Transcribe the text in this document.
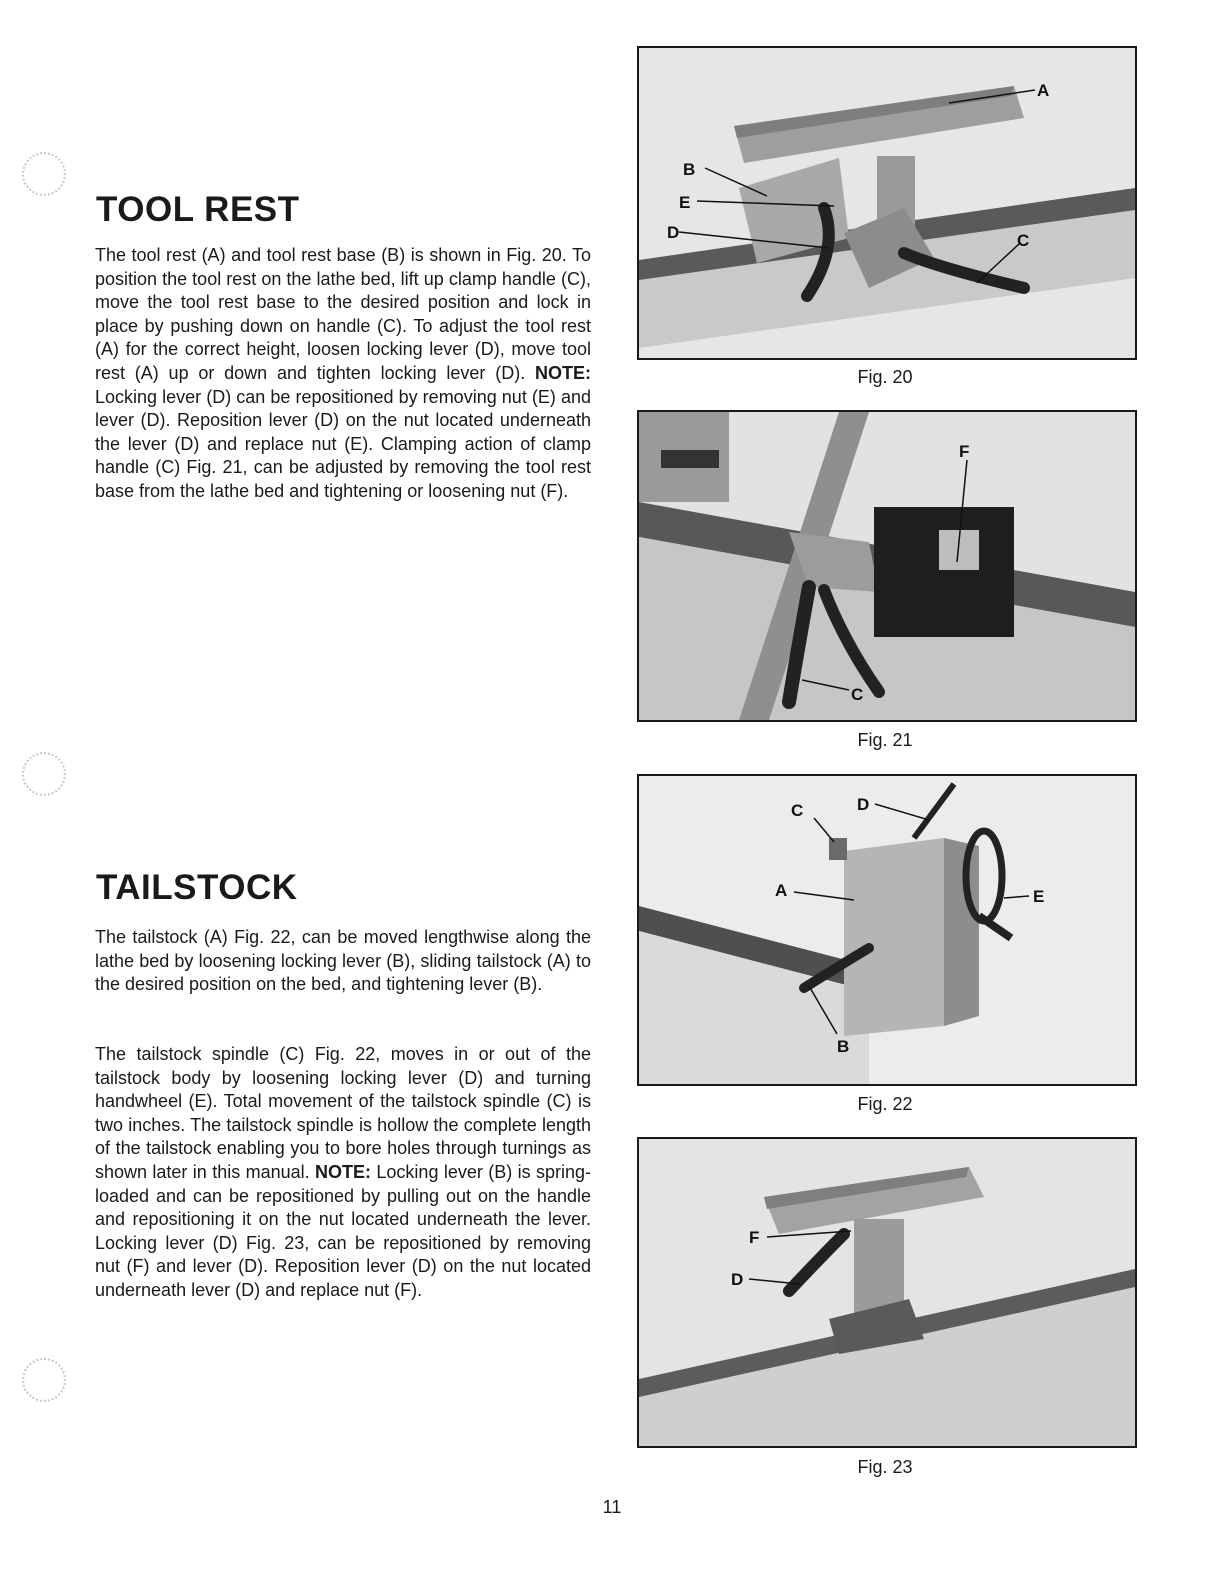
TOOL REST

The tool rest (A) and tool rest base (B) is shown in Fig. 20. To position the tool rest on the lathe bed, lift up clamp handle (C), move the tool rest base to the desired position and lock in place by pushing down on handle (C). To adjust the tool rest (A) for the correct height, loosen locking lever (D), move tool rest (A) up or down and tighten locking lever (D). NOTE: Locking lever (D) can be repositioned by removing nut (E) and lever (D). Reposition lever (D) on the nut located underneath the lever (D) and replace nut (E). Clamping action of clamp handle (C) Fig. 21, can be adjusted by removing the tool rest base from the lathe bed and tightening or loosening nut (F).

TAILSTOCK

The tailstock (A) Fig. 22, can be moved lengthwise along the lathe bed by loosening locking lever (B), sliding tailstock (A) to the desired position on the bed, and tightening lever (B).

The tailstock spindle (C) Fig. 22, moves in or out of the tailstock body by loosening locking lever (D) and turning handwheel (E). Total movement of the tailstock spindle (C) is two inches. The tailstock spindle is hollow the complete length of the tailstock enabling you to bore holes through turnings as shown later in this manual. NOTE: Locking lever (B) is spring-loaded and can be repositioned by pulling out on the handle and repositioning it on the nut located underneath the lever. Locking lever (D) Fig. 23, can be repositioned by removing nut (F) and lever (D). Reposition lever (D) on the nut located underneath lever (D) and replace nut (F).

A
B
E
D	C
Fig. 20
F
C
Fig. 21
C	D
A	E
B
Fig. 22
F
D
Fig. 23
11
